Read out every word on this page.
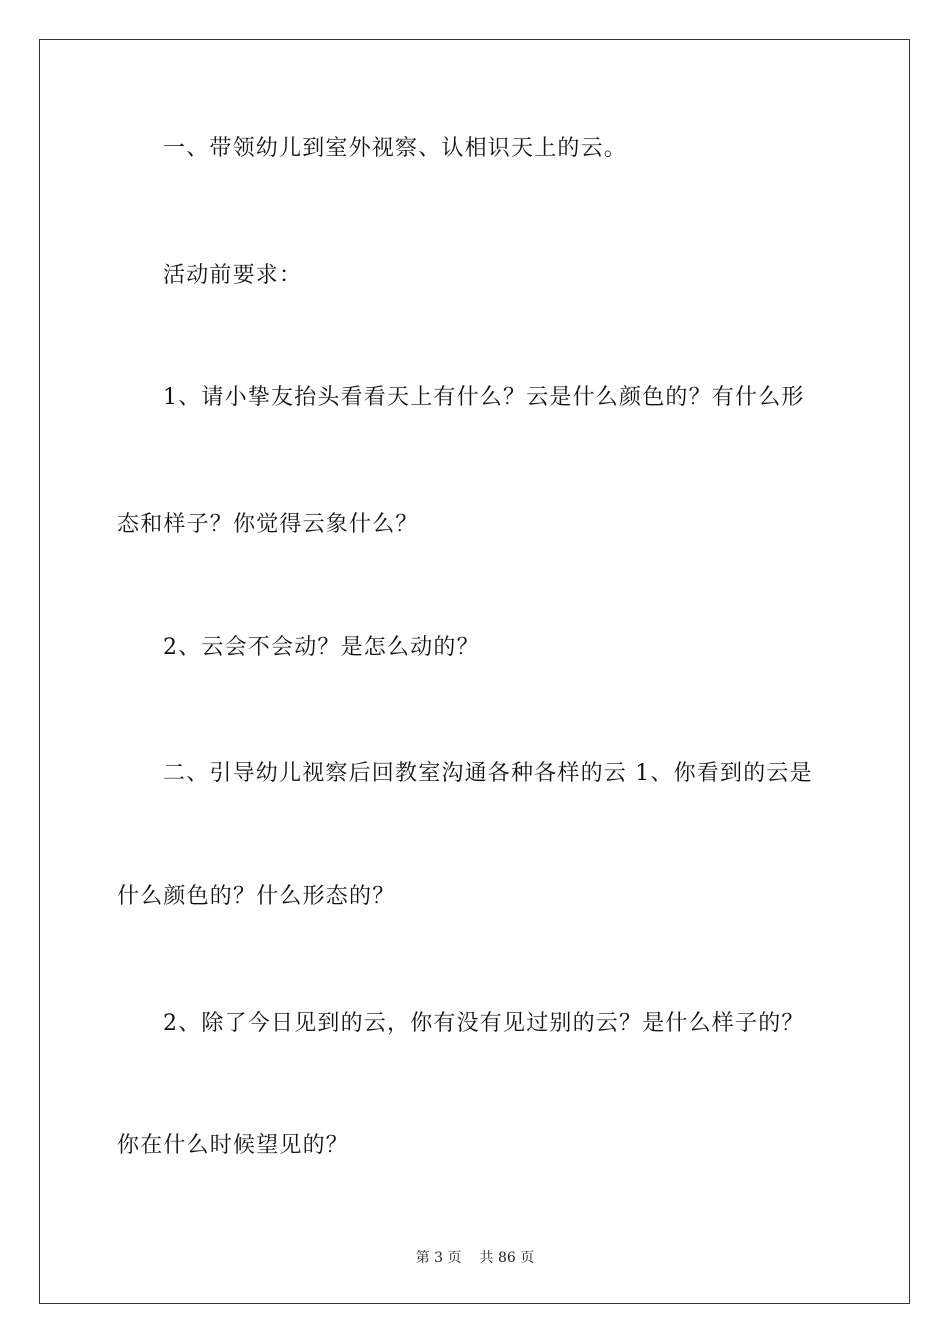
一、带领幼儿到室外视察、认相识天上的云。
活动前要求：
1、请小挚友抬头看看天上有什么？云是什么颜色的？有什么形
态和样子？你觉得云象什么？
2、云会不会动？是怎么动的？
二、引导幼儿视察后回教室沟通各种各样的云 1、你看到的云是
什么颜色的？什么形态的？
2、除了今日见到的云，你有没有见过别的云？是什么样子的？
你在什么时候望见的？
第 3 页 共 86 页
